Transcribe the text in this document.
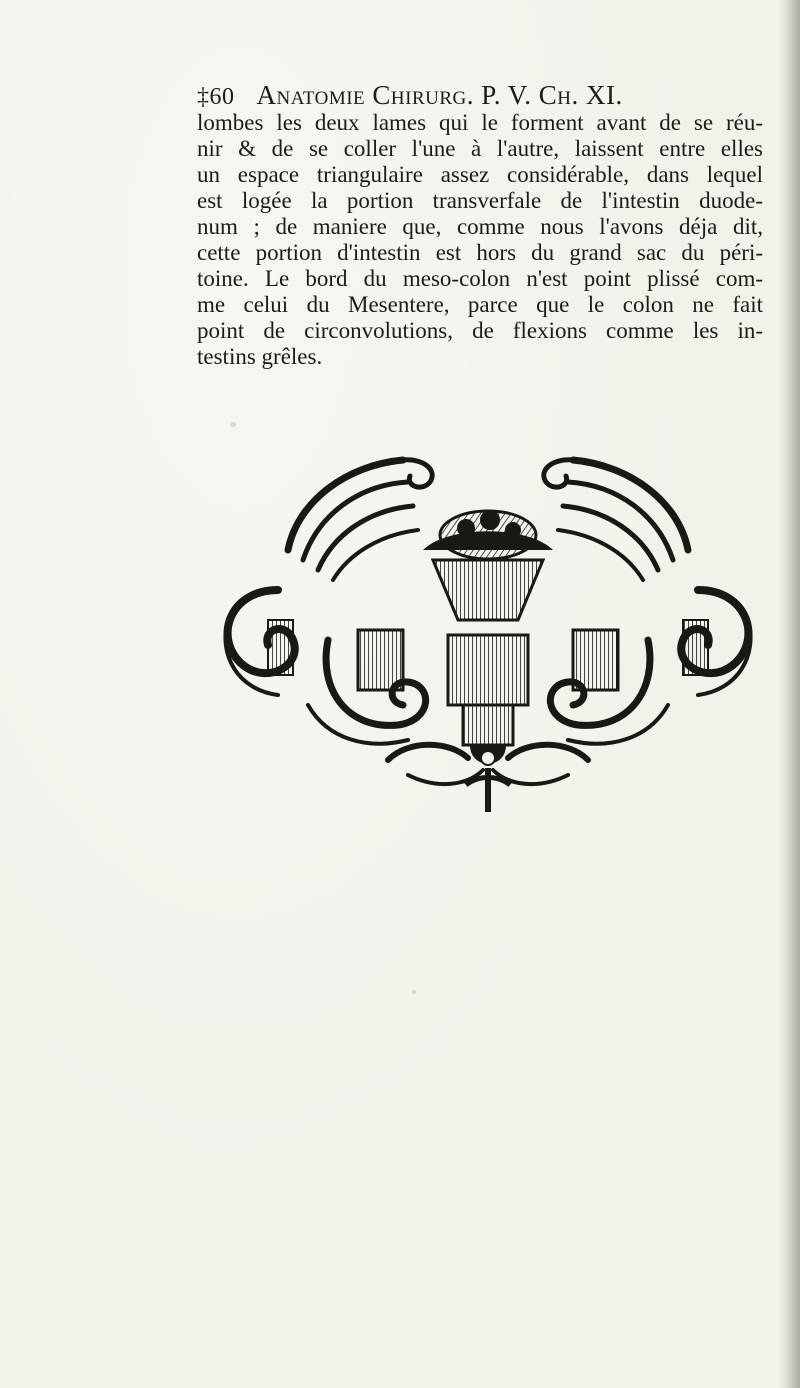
‡60 Anatomie Chirurg. P. V. Ch. XI.
lombes les deux lames qui le forment avant de se réu-
nir & de se coller l'une à l'autre, laissent entre elles
un espace triangulaire assez considérable, dans lequel
est logée la portion transverfale de l'intestin duode-
num ; de maniere que, comme nous l'avons déja dit,
cette portion d'intestin est hors du grand sac du péri-
toine. Le bord du meso-colon n'est point plissé com-
me celui du Mesentere, parce que le colon ne fait
point de circonvolutions, de flexions comme les in-
testins grêles.
